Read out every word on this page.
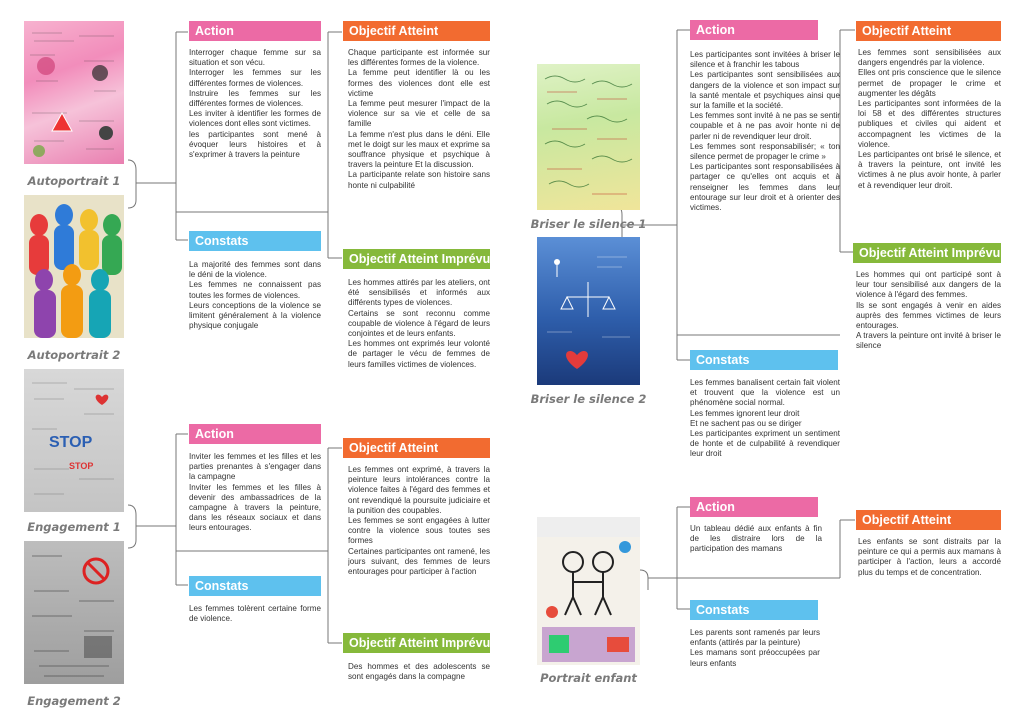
Autoportrait 1
Autoportrait 2
STOP
STOP
Engagement 1
Engagement 2
Briser le silence 1
Briser le silence 2
Portrait enfant
Action

Interroger chaque femme sur sa situation et son vécu.

Interroger les femmes sur les différentes formes de violences.

Instruire les femmes sur les différentes formes de violences.

Les inviter à identifier les formes de violences dont elles sont victimes.

les participantes sont mené à évoquer leurs histoires et à s'exprimer à travers la peinture

Constats

La majorité des femmes sont dans le déni de la violence.

Les femmes ne connaissent pas toutes les formes de violences.

Leurs conceptions de la violence se limitent généralement à la violence physique conjugale

Objectif Atteint

Chaque participante est informée sur les différentes formes de la violence.

La femme peut identifier là ou les formes des violences dont elle est victime

La femme peut mesurer l'impact de la violence sur sa vie et celle de sa famille

La femme n'est plus dans le déni. Elle met le doigt sur les maux et exprime sa souffrance physique et psychique à travers la peinture Et la discussion.

La participante relate son histoire sans honte ni culpabilité

Objectif Atteint Imprévu

Les hommes attirés par les ateliers, ont été sensibilisés et informés aux différents types de violences.

Certains se sont reconnu comme coupable de violence à l'égard de leurs conjointes et de leurs enfants.

Les hommes ont exprimés leur volonté de partager le vécu de femmes de leurs familles victimes de violences.

Action

Inviter les femmes et les filles et les parties prenantes à s'engager dans la campagne

Inviter les femmes et les filles à devenir des ambassadrices de la campagne à travers la peinture, dans les réseaux sociaux et dans leurs entourages.

Constats

Les femmes tolèrent certaine forme de violence.

Objectif Atteint

Les femmes ont exprimé, à travers la peinture leurs intolérances contre la violence faites à l'égard des femmes et ont revendiqué la poursuite judiciaire et la punition des coupables.

Les femmes se sont engagées à lutter contre la violence sous toutes ses formes

Certaines participantes ont ramené, les jours suivant, des femmes de leurs entourages pour participer à l'action

Objectif Atteint Imprévu

Des hommes et des adolescents se sont engagés dans la compagne

Action

Les participantes sont invitées à briser le silence et à franchir les tabous

Les participantes sont sensibilisées aux dangers de la violence et son impact sur la santé mentale et psychiques ainsi que sur la famille et la société.

Les femmes sont invité à ne pas se sentir coupable et à ne pas avoir honte ni de parler ni de revendiquer leur droit.

Les femmes sont responsabilisér; « ton silence permet de propager le crime »

Les participantes sont responsabilisées à partager ce qu'elles ont acquis et à renseigner les femmes dans leur entourage sur leur droit et à orienter des victimes.

Constats

Les femmes banalisent certain fait violent et trouvent que la violence est un phénomène social normal.

Les femmes ignorent leur droit

Et ne sachent pas ou se diriger

Les participantes expriment un sentiment de honte et de culpabilité à revendiquer leur droit

Objectif Atteint

Les femmes sont sensibilisées aux dangers engendrés par la violence.

Elles ont pris conscience que le silence permet de propager le crime et augmenter les dégâts

Les participantes sont informées de la loi 58 et des différentes structures publiques et civiles qui aident et accompagnent les victimes de la violence.

Les participantes ont brisé le silence, et à travers la peinture, ont invité les victimes à ne plus avoir honte, à parler et à revendiquer leur droit.

Objectif Atteint Imprévu

Les hommes qui ont participé sont à leur tour sensibilisé aux dangers de la violence à l'égard des femmes.

Ils se sont engagés à venir en aides auprès des femmes victimes de leurs entourages.

A travers la peinture ont invité à briser le silence

Action

Un tableau dédié aux enfants à fin de les distraire lors de la participation des mamans

Constats

Les parents sont ramenés par leurs enfants (attirés par la peinture)

Les mamans sont préoccupées par leurs enfants

Objectif Atteint

Les enfants se sont distraits par la peinture ce qui a permis aux mamans à participer à l'action, leurs a accordé plus du temps et de concentration.
